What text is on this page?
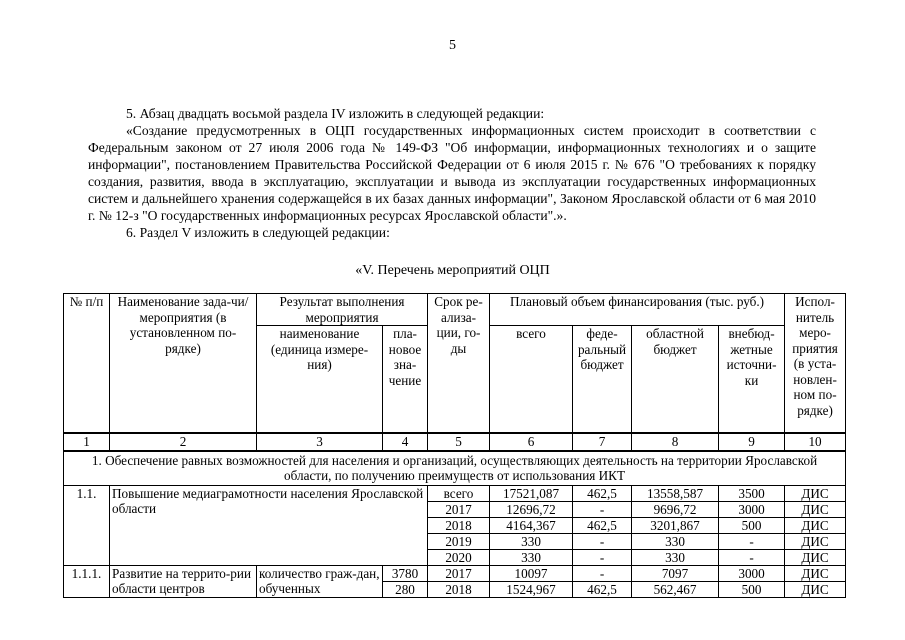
5

5. Абзац двадцать восьмой раздела IV изложить в следующей редакции:

«Создание предусмотренных в ОЦП государственных информационных систем происходит в соответствии с Федеральным законом от 27 июля 2006 года № 149-ФЗ "Об информации, информационных технологиях и о защите информации", постановлением Правительства Российской Федерации от 6 июля 2015 г. № 676 "О требованиях к порядку создания, развития, ввода в эксплуатацию, эксплуатации и вывода из эксплуатации государственных информационных систем и дальнейшего хранения содержащейся в их базах данных информации", Законом Ярославской области от 6 мая 2010 г. № 12-з "О государственных информационных ресурсах Ярославской области".».

6. Раздел V изложить в следующей редакции:

«V. Перечень мероприятий ОЦП
№ п/п	Наименование зада-чи/мероприятия (в установленном по-рядке)	Результат выполнения мероприятия		Срок ре-ализа-ции, го-ды	Плановый объем финансирования (тыс. руб.)				Испол-нитель меро-приятия (в уста-новлен-ном по-рядке)
		наименование (единица измере-ния)	пла-новое зна-чение		всего	феде-ральный бюджет	областной бюджет	внебюд-жетные источни-ки	
1	2	3	4	5	6	7	8	9	10
1. Обеспечение равных возможностей для населения и организаций, осуществляющих деятельность на территории Ярославской области, по получению преимуществ от использования ИКТ									
1.1.	Повышение медиаграмотности населения Ярославской области			всего	17521,087	462,5	13558,587	3500	ДИС
				2017	12696,72	-	9696,72	3000	ДИС
				2018	4164,367	462,5	3201,867	500	ДИС
				2019	330	-	330	-	ДИС
				2020	330	-	330	-	ДИС
1.1.1.	Развитие на террито-рии области центров	количество граж-дан, обученных	3780	2017	10097	-	7097	3000	ДИС
			280	2018	1524,967	462,5	562,467	500	ДИС
